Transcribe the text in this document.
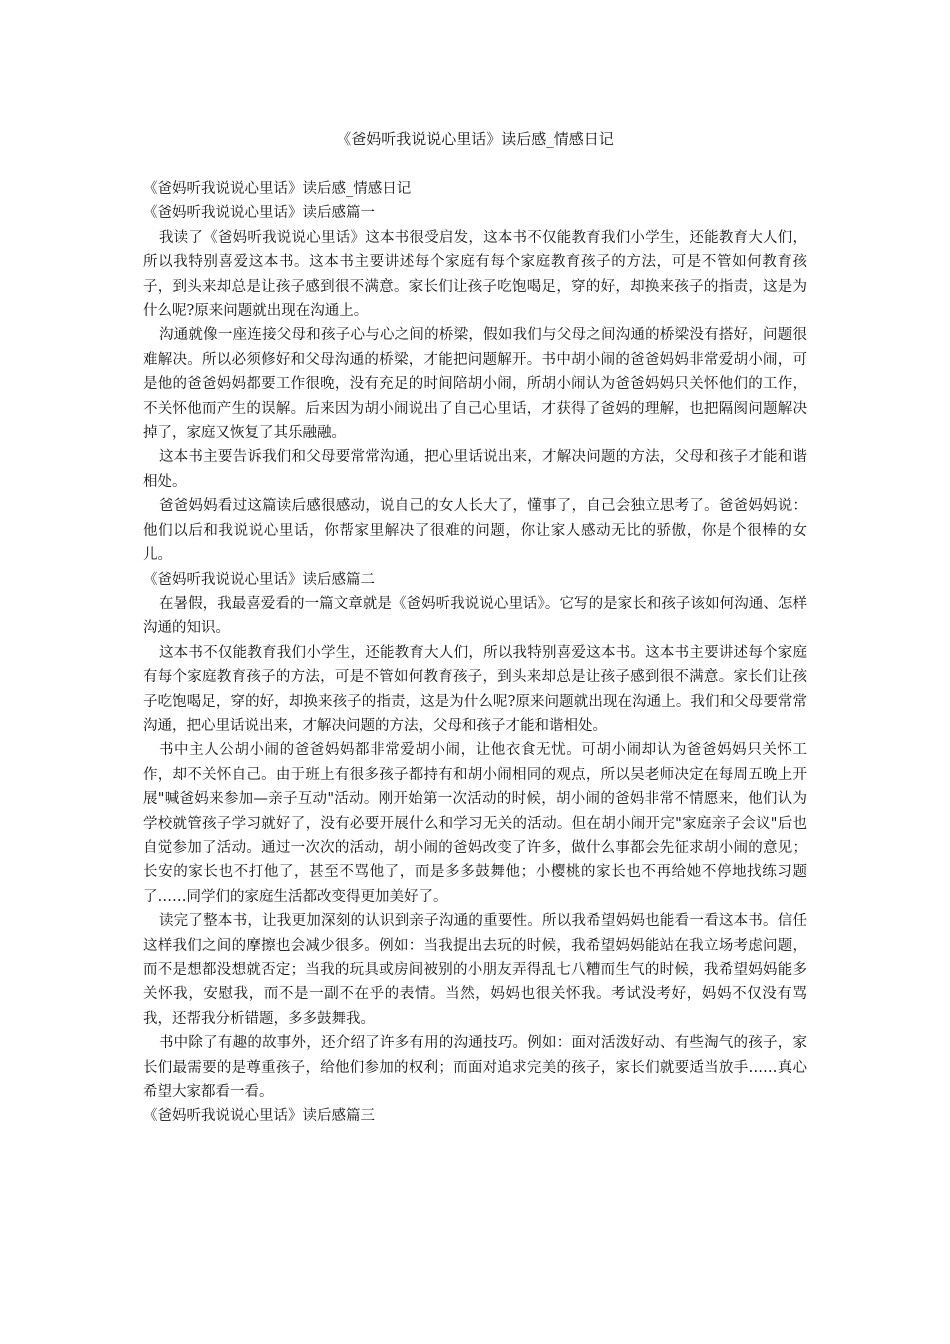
《爸妈听我说说心里话》读后感_情感日记

《爸妈听我说说心里话》读后感_情感日记

《爸妈听我说说心里话》读后感篇一

我读了《爸妈听我说说心里话》这本书很受启发，这本书不仅能教育我们小学生，还能教育大人们，所以我特别喜爱这本书。这本书主要讲述每个家庭有每个家庭教育孩子的方法，可是不管如何教育孩子，到头来却总是让孩子感到很不满意。家长们让孩子吃饱喝足，穿的好，却换来孩子的指责，这是为什么呢?原来问题就出现在沟通上。

沟通就像一座连接父母和孩子心与心之间的桥梁，假如我们与父母之间沟通的桥梁没有搭好，问题很难解决。所以必须修好和父母沟通的桥梁，才能把问题解开。书中胡小闹的爸爸妈妈非常爱胡小闹，可是他的爸爸妈妈都要工作很晚，没有充足的时间陪胡小闹，所胡小闹认为爸爸妈妈只关怀他们的工作，不关怀他而产生的误解。后来因为胡小闹说出了自己心里话，才获得了爸妈的理解，也把隔阂问题解决掉了，家庭又恢复了其乐融融。

这本书主要告诉我们和父母要常常沟通，把心里话说出来，才解决问题的方法，父母和孩子才能和谐相处。

爸爸妈妈看过这篇读后感很感动，说自己的女人长大了，懂事了，自己会独立思考了。爸爸妈妈说：他们以后和我说说心里话，你帮家里解决了很难的问题，你让家人感动无比的骄傲，你是个很棒的女儿。

《爸妈听我说说心里话》读后感篇二

在暑假，我最喜爱看的一篇文章就是《爸妈听我说说心里话》。它写的是家长和孩子该如何沟通、怎样沟通的知识。

这本书不仅能教育我们小学生，还能教育大人们，所以我特别喜爱这本书。这本书主要讲述每个家庭有每个家庭教育孩子的方法，可是不管如何教育孩子，到头来却总是让孩子感到很不满意。家长们让孩子吃饱喝足，穿的好，却换来孩子的指责，这是为什么呢?原来问题就出现在沟通上。我们和父母要常常沟通，把心里话说出来，才解决问题的方法，父母和孩子才能和谐相处。

书中主人公胡小闹的爸爸妈妈都非常爱胡小闹，让他衣食无忧。可胡小闹却认为爸爸妈妈只关怀工作，却不关怀自己。由于班上有很多孩子都持有和胡小闹相同的观点，所以吴老师决定在每周五晚上开展"喊爸妈来参加—亲子互动"活动。刚开始第一次活动的时候，胡小闹的爸妈非常不情愿来，他们认为学校就管孩子学习就好了，没有必要开展什么和学习无关的活动。但在胡小闹开完"家庭亲子会议"后也自觉参加了活动。通过一次次的活动，胡小闹的爸妈改变了许多，做什么事都会先征求胡小闹的意见；长安的家长也不打他了，甚至不骂他了，而是多多鼓舞他；小樱桃的家长也不再给她不停地找练习题了……同学们的家庭生活都改变得更加美好了。

读完了整本书，让我更加深刻的认识到亲子沟通的重要性。所以我希望妈妈也能看一看这本书。信任这样我们之间的摩擦也会减少很多。例如：当我提出去玩的时候，我希望妈妈能站在我立场考虑问题，而不是想都没想就否定；当我的玩具或房间被别的小朋友弄得乱七八糟而生气的时候，我希望妈妈能多关怀我，安慰我，而不是一副不在乎的表情。当然，妈妈也很关怀我。考试没考好，妈妈不仅没有骂我，还帮我分析错题，多多鼓舞我。

书中除了有趣的故事外，还介绍了许多有用的沟通技巧。例如：面对活泼好动、有些淘气的孩子，家长们最需要的是尊重孩子，给他们参加的权利；而面对追求完美的孩子，家长们就要适当放手……真心希望大家都看一看。

《爸妈听我说说心里话》读后感篇三
